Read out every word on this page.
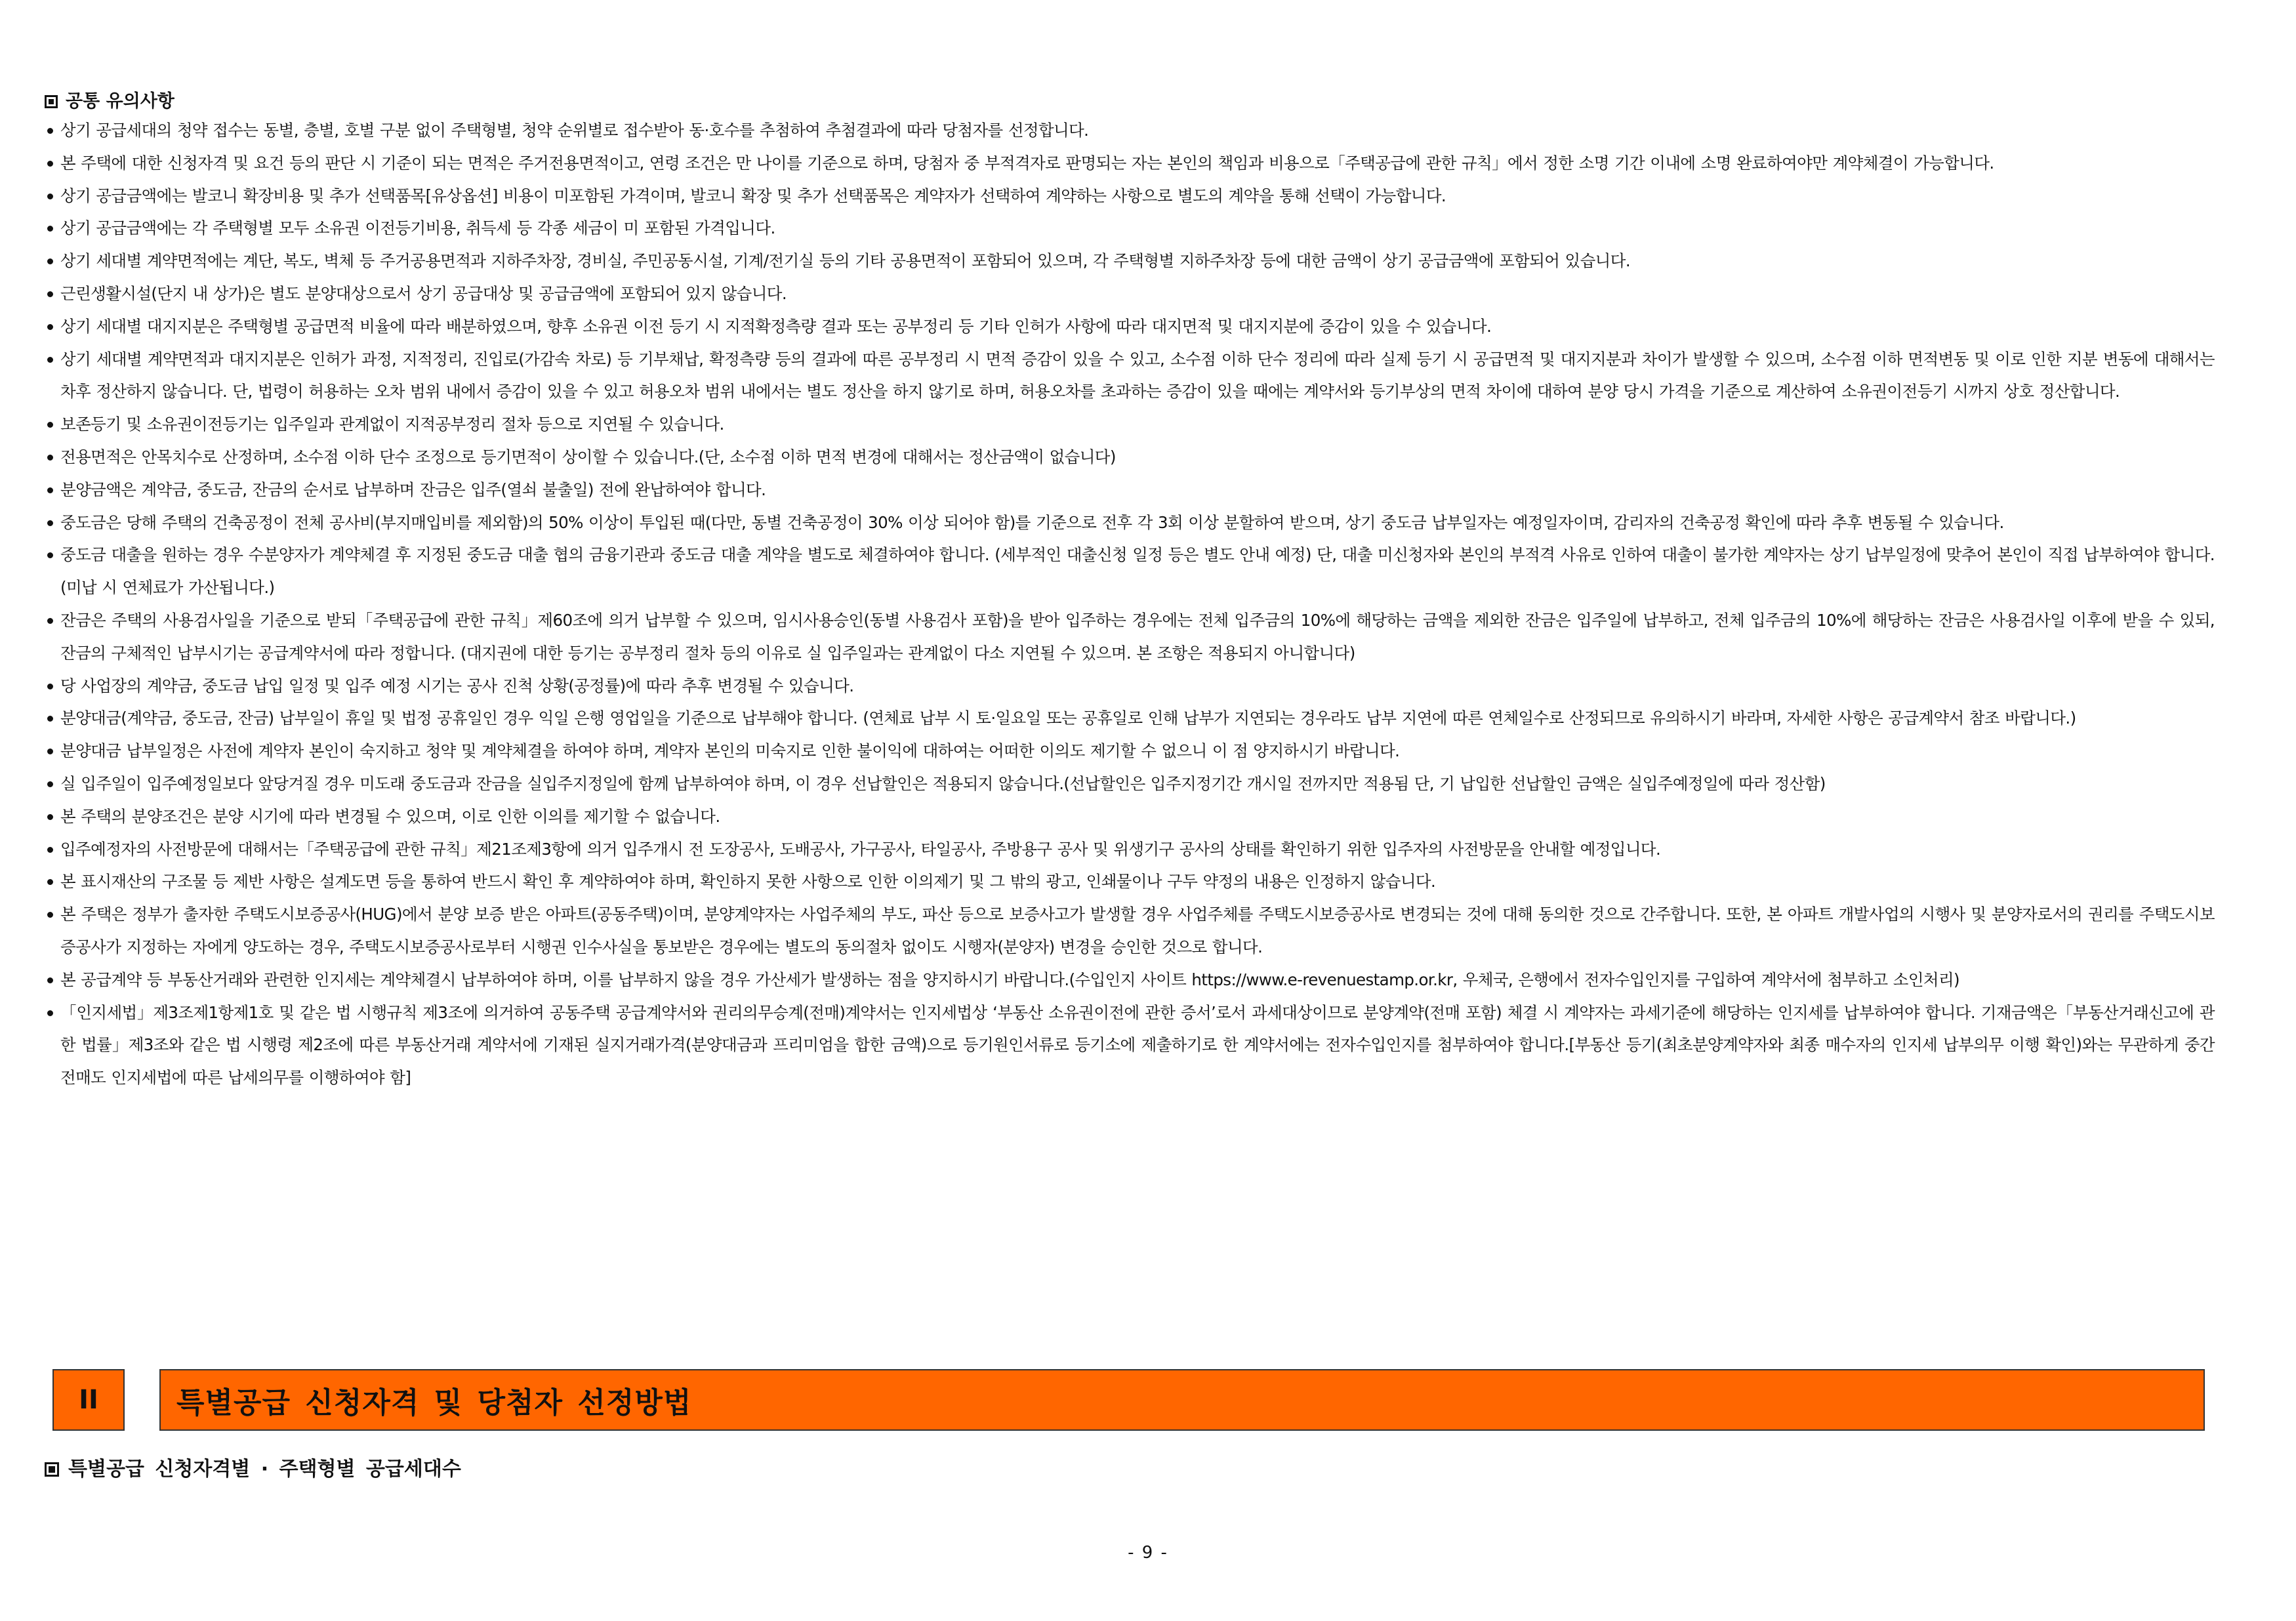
공통 유의사항
상기 공급세대의 청약 접수는 동별, 층별, 호별 구분 없이 주택형별, 청약 순위별로 접수받아 동·호수를 추첨하여 추첨결과에 따라 당첨자를 선정합니다.
본 주택에 대한 신청자격 및 요건 등의 판단 시 기준이 되는 면적은 주거전용면적이고, 연령 조건은 만 나이를 기준으로 하며, 당첨자 중 부적격자로 판명되는 자는 본인의 책임과 비용으로「주택공급에 관한 규칙」에서 정한 소명 기간 이내에 소명 완료하여야만 계약체결이 가능합니다.
상기 공급금액에는 발코니 확장비용 및 추가 선택품목[유상옵션] 비용이 미포함된 가격이며, 발코니 확장 및 추가 선택품목은 계약자가 선택하여 계약하는 사항으로 별도의 계약을 통해 선택이 가능합니다.
상기 공급금액에는 각 주택형별 모두 소유권 이전등기비용, 취득세 등 각종 세금이 미 포함된 가격입니다.
상기 세대별 계약면적에는 계단, 복도, 벽체 등 주거공용면적과 지하주차장, 경비실, 주민공동시설, 기계/전기실 등의 기타 공용면적이 포함되어 있으며, 각 주택형별 지하주차장 등에 대한 금액이 상기 공급금액에 포함되어 있습니다.
근린생활시설(단지 내 상가)은 별도 분양대상으로서 상기 공급대상 및 공급금액에 포함되어 있지 않습니다.
상기 세대별 대지지분은 주택형별 공급면적 비율에 따라 배분하였으며, 향후 소유권 이전 등기 시 지적확정측량 결과 또는 공부정리 등 기타 인허가 사항에 따라 대지면적 및 대지지분에 증감이 있을 수 있습니다.
상기 세대별 계약면적과 대지지분은 인허가 과정, 지적정리, 진입로(가감속 차로) 등 기부채납, 확정측량 등의 결과에 따른 공부정리 시 면적 증감이 있을 수 있고, 소수점 이하 단수 정리에 따라 실제 등기 시 공급면적 및 대지지분과 차이가 발생할 수 있으며, 소수점 이하 면적변동 및 이로 인한 지분 변동에 대해서는 차후 정산하지 않습니다. 단, 법령이 허용하는 오차 범위 내에서 증감이 있을 수 있고 허용오차 범위 내에서는 별도 정산을 하지 않기로 하며, 허용오차를 초과하는 증감이 있을 때에는 계약서와 등기부상의 면적 차이에 대하여 분양 당시 가격을 기준으로 계산하여 소유권이전등기 시까지 상호 정산합니다.
보존등기 및 소유권이전등기는 입주일과 관계없이 지적공부정리 절차 등으로 지연될 수 있습니다.
전용면적은 안목치수로 산정하며, 소수점 이하 단수 조정으로 등기면적이 상이할 수 있습니다.(단, 소수점 이하 면적 변경에 대해서는 정산금액이 없습니다)
분양금액은 계약금, 중도금, 잔금의 순서로 납부하며 잔금은 입주(열쇠 불출일) 전에 완납하여야 합니다.
중도금은 당해 주택의 건축공정이 전체 공사비(부지매입비를 제외함)의 50% 이상이 투입된 때(다만, 동별 건축공정이 30% 이상 되어야 함)를 기준으로 전후 각 3회 이상 분할하여 받으며, 상기 중도금 납부일자는 예정일자이며, 감리자의 건축공정 확인에 따라 추후 변동될 수 있습니다.
중도금 대출을 원하는 경우 수분양자가 계약체결 후 지정된 중도금 대출 협의 금융기관과 중도금 대출 계약을 별도로 체결하여야 합니다. (세부적인 대출신청 일정 등은 별도 안내 예정) 단, 대출 미신청자와 본인의 부적격 사유로 인하여 대출이 불가한 계약자는 상기 납부일정에 맞추어 본인이 직접 납부하여야 합니다. (미납 시 연체료가 가산됩니다.)
잔금은 주택의 사용검사일을 기준으로 받되「주택공급에 관한 규칙」제60조에 의거 납부할 수 있으며, 임시사용승인(동별 사용검사 포함)을 받아 입주하는 경우에는 전체 입주금의 10%에 해당하는 금액을 제외한 잔금은 입주일에 납부하고, 전체 입주금의 10%에 해당하는 잔금은 사용검사일 이후에 받을 수 있되, 잔금의 구체적인 납부시기는 공급계약서에 따라 정합니다. (대지권에 대한 등기는 공부정리 절차 등의 이유로 실 입주일과는 관계없이 다소 지연될 수 있으며. 본 조항은 적용되지 아니합니다)
당 사업장의 계약금, 중도금 납입 일정 및 입주 예정 시기는 공사 진척 상황(공정률)에 따라 추후 변경될 수 있습니다.
분양대금(계약금, 중도금, 잔금) 납부일이 휴일 및 법정 공휴일인 경우 익일 은행 영업일을 기준으로 납부해야 합니다. (연체료 납부 시 토·일요일 또는 공휴일로 인해 납부가 지연되는 경우라도 납부 지연에 따른 연체일수로 산정되므로 유의하시기 바라며, 자세한 사항은 공급계약서 참조 바랍니다.)
분양대금 납부일정은 사전에 계약자 본인이 숙지하고 청약 및 계약체결을 하여야 하며, 계약자 본인의 미숙지로 인한 불이익에 대하여는 어떠한 이의도 제기할 수 없으니 이 점 양지하시기 바랍니다.
실 입주일이 입주예정일보다 앞당겨질 경우 미도래 중도금과 잔금을 실입주지정일에 함께 납부하여야 하며, 이 경우 선납할인은 적용되지 않습니다.(선납할인은 입주지정기간 개시일 전까지만 적용됨 단, 기 납입한 선납할인 금액은 실입주예정일에 따라 정산함)
본 주택의 분양조건은 분양 시기에 따라 변경될 수 있으며, 이로 인한 이의를 제기할 수 없습니다.
입주예정자의 사전방문에 대해서는「주택공급에 관한 규칙」제21조제3항에 의거 입주개시 전 도장공사, 도배공사, 가구공사, 타일공사, 주방용구 공사 및 위생기구 공사의 상태를 확인하기 위한 입주자의 사전방문을 안내할 예정입니다.
본 표시재산의 구조물 등 제반 사항은 설계도면 등을 통하여 반드시 확인 후 계약하여야 하며, 확인하지 못한 사항으로 인한 이의제기 및 그 밖의 광고, 인쇄물이나 구두 약정의 내용은 인정하지 않습니다.
본 주택은 정부가 출자한 주택도시보증공사(HUG)에서 분양 보증 받은 아파트(공동주택)이며, 분양계약자는 사업주체의 부도, 파산 등으로 보증사고가 발생할 경우 사업주체를 주택도시보증공사로 변경되는 것에 대해 동의한 것으로 간주합니다. 또한, 본 아파트 개발사업의 시행사 및 분양자로서의 권리를 주택도시보증공사가 지정하는 자에게 양도하는 경우, 주택도시보증공사로부터 시행권 인수사실을 통보받은 경우에는 별도의 동의절차 없이도 시행자(분양자) 변경을 승인한 것으로 합니다.
본 공급계약 등 부동산거래와 관련한 인지세는 계약체결시 납부하여야 하며, 이를 납부하지 않을 경우 가산세가 발생하는 점을 양지하시기 바랍니다.(수입인지 사이트 https://www.e-revenuestamp.or.kr, 우체국, 은행에서 전자수입인지를 구입하여 계약서에 첨부하고 소인처리)
「인지세법」제3조제1항제1호 및 같은 법 시행규칙 제3조에 의거하여 공동주택 공급계약서와 권리의무승계(전매)계약서는 인지세법상 ‘부동산 소유권이전에 관한 증서’로서 과세대상이므로 분양계약(전매 포함) 체결 시 계약자는 과세기준에 해당하는 인지세를 납부하여야 합니다. 기재금액은「부동산거래신고에 관한 법률」제3조와 같은 법 시행령 제2조에 따른 부동산거래 계약서에 기재된 실지거래가격(분양대금과 프리미엄을 합한 금액)으로 등기원인서류로 등기소에 제출하기로 한 계약서에는 전자수입인지를 첨부하여야 합니다.[부동산 등기(최초분양계약자와 최종 매수자의 인지세 납부의무 이행 확인)와는 무관하게 중간 전매도 인지세법에 따른 납세의무를 이행하여야 함]
II	특별공급 신청자격 및 당첨자 선정방법
특별공급 신청자격별 · 주택형별 공급세대수
- 9 -
